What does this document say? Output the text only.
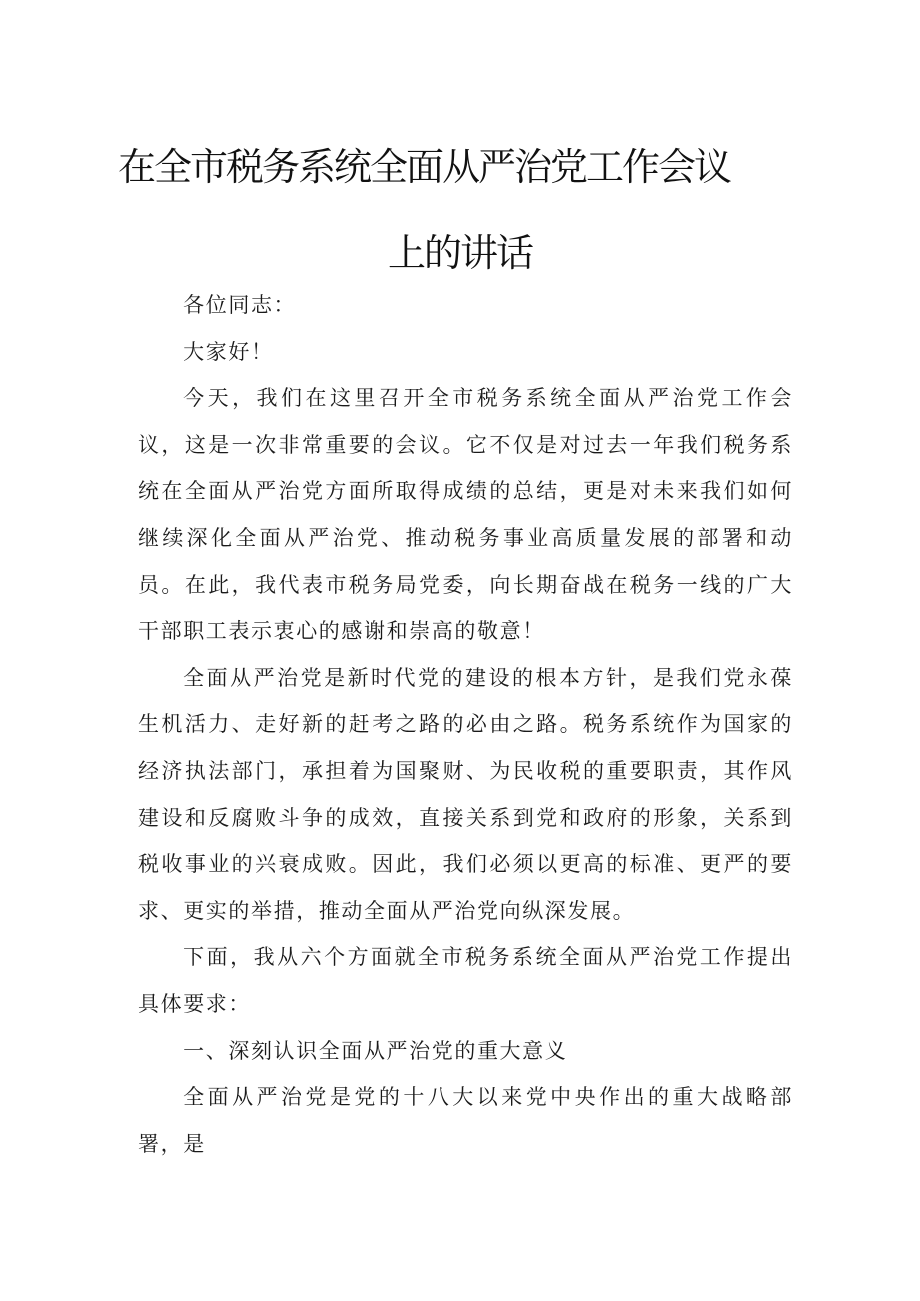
在全市税务系统全面从严治党工作会议
上的讲话

各位同志：

大家好！

今天，我们在这里召开全市税务系统全面从严治党工作会议，这是一次非常重要的会议。它不仅是对过去一年我们税务系统在全面从严治党方面所取得成绩的总结，更是对未来我们如何继续深化全面从严治党、推动税务事业高质量发展的部署和动员。在此，我代表市税务局党委，向长期奋战在税务一线的广大干部职工表示衷心的感谢和崇高的敬意！

全面从严治党是新时代党的建设的根本方针，是我们党永葆生机活力、走好新的赶考之路的必由之路。税务系统作为国家的经济执法部门，承担着为国聚财、为民收税的重要职责，其作风建设和反腐败斗争的成效，直接关系到党和政府的形象，关系到税收事业的兴衰成败。因此，我们必须以更高的标准、更严的要求、更实的举措，推动全面从严治党向纵深发展。

下面，我从六个方面就全市税务系统全面从严治党工作提出具体要求：

一、深刻认识全面从严治党的重大意义

全面从严治党是党的十八大以来党中央作出的重大战略部署，是
